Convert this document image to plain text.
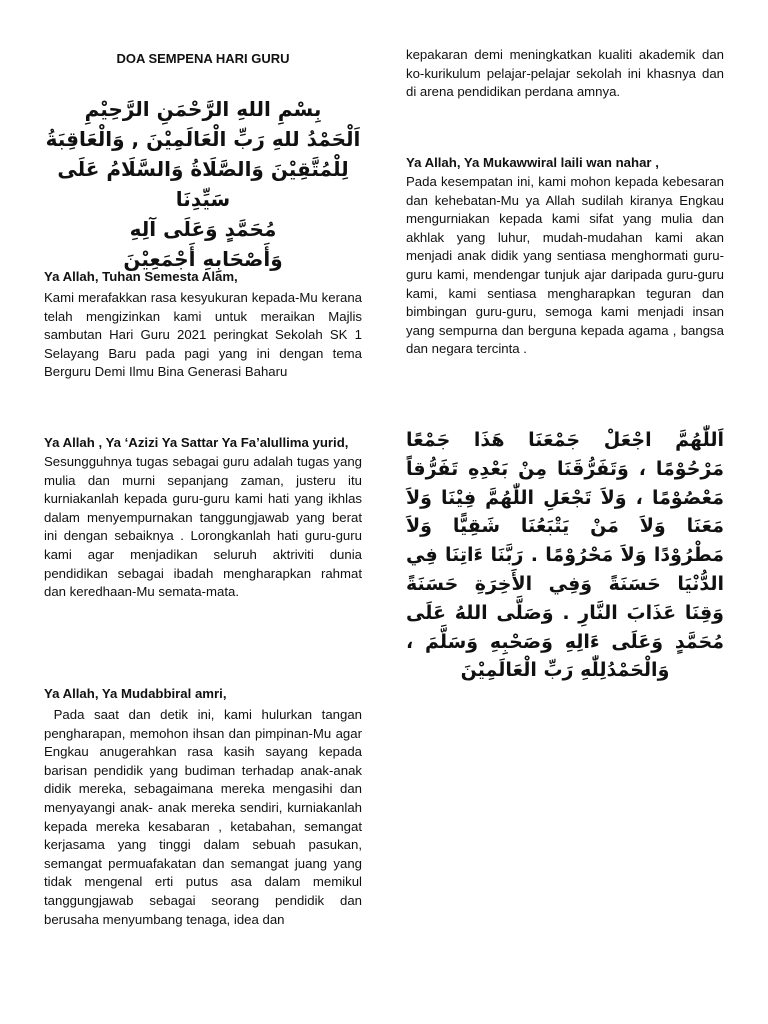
DOA SEMPENA HARI GURU
بِسْمِ اللهِ الرَّحْمَنِ الرَّحِيْمِ
اَلْحَمْدُ للهِ رَبِّ الْعَالَمِيْنَ , وَالْعَاقِبَةُ
لِلْمُتَّقِيْنَ وَالصَّلَاةُ وَالسَّلَامُ عَلَى سَيِّدِنَا
مُحَمَّدٍ وَعَلَى آلِهِ
وَأَصْحَابِهِ أَجْمَعِيْنَ

Ya Allah, Tuhan Semesta Alam,

Kami merafakkan rasa kesyukuran kepada-Mu kerana telah mengizinkan kami untuk meraikan Majlis sambutan Hari Guru 2021 peringkat Sekolah SK 1 Selayang Baru pada pagi yang ini dengan tema Berguru Demi Ilmu Bina Generasi Baharu

Ya Allah , Ya ‘Azizi Ya Sattar Ya Fa’alullima yurid,

Sesungguhnya tugas sebagai guru adalah tugas yang mulia dan murni sepanjang zaman, justeru itu kurniakanlah kepada guru-guru kami hati yang ikhlas dalam menyempurnakan tanggungjawab yang berat ini dengan sebaiknya . Lorongkanlah hati guru-guru kami agar menjadikan seluruh aktriviti dunia pendidikan sebagai ibadah mengharapkan rahmat dan keredhaan-Mu semata-mata.

Ya Allah, Ya Mudabbiral amri,

Pada saat dan detik ini, kami hulurkan tangan pengharapan, memohon ihsan dan pimpinan-Mu agar Engkau anugerahkan rasa kasih sayang kepada barisan pendidik yang budiman terhadap anak-anak didik mereka, sebagaimana mereka mengasihi dan menyayangi anak- anak mereka sendiri, kurniakanlah kepada mereka kesabaran , ketabahan, semangat kerjasama yang tinggi dalam sebuah pasukan, semangat permuafakatan dan semangat juang yang tidak mengenal erti putus asa dalam memikul tanggungjawab sebagai seorang pendidik dan berusaha menyumbang tenaga, idea dan

kepakaran demi meningkatkan kualiti akademik dan ko-kurikulum pelajar-pelajar sekolah ini khasnya dan di arena pendidikan perdana amnya.

Ya Allah, Ya Mukawwiral laili wan nahar ,

Pada kesempatan ini, kami mohon kepada kebesaran dan kehebatan-Mu ya Allah sudilah kiranya Engkau mengurniakan kepada kami sifat yang mulia dan akhlak yang luhur, mudah-mudahan kami akan menjadi anak didik yang sentiasa menghormati guru-guru kami, mendengar tunjuk ajar daripada guru-guru kami, kami sentiasa mengharapkan teguran dan bimbingan guru-guru, semoga kami menjadi insan yang sempurna dan berguna kepada agama , bangsa dan negara tercinta .

اَللّٰهُمَّ اجْعَلْ جَمْعَنَا هَذَا جَمْعًا مَرْحُوْمًا ، وَتَفَرُّقَنَا مِنْ بَعْدِهِ تَفَرُّقاً مَعْصُوْمًا ، وَلاَ تَجْعَلِ اللّٰهُمَّ فِيْنَا وَلاَ مَعَنَا وَلاَ مَنْ يَتْبَعُنَا شَقِيًّا وَلاَ مَطْرُوْدًا وَلاَ مَحْرُوْمًا . رَبَّنَا ءَاتِنَا فِي الدُّنْيَا حَسَنَةً وَفِي الأَخِرَةِ حَسَنَةً وَقِنَا عَذَابَ النَّارِ . وَصَلَّى اللهُ عَلَى مُحَمَّدٍ وَعَلَى ءَالِهِ وَصَحْبِهِ وَسَلَّمَ ، وَالْحَمْدُلِلّٰهِ رَبِّ الْعَالَمِيْنَ
